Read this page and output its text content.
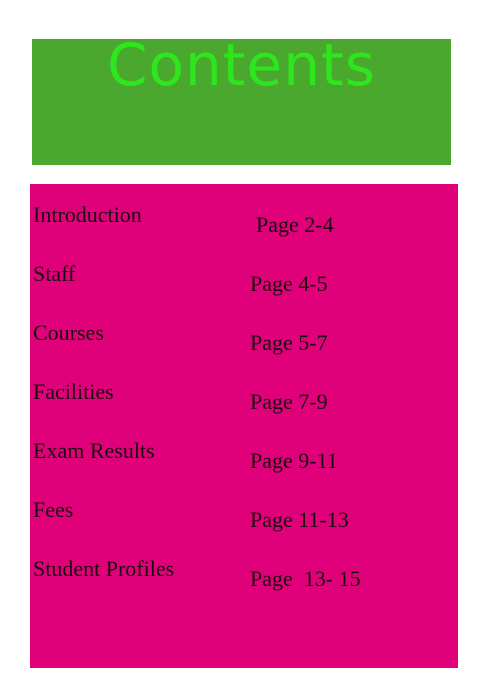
Contents
Introduction	Page 2-4
Staff	Page 4-5
Courses	Page 5-7
Facilities	Page 7-9
Exam Results	Page 9-11
Fees	Page 11-13
Student Profiles	Page  13- 15
